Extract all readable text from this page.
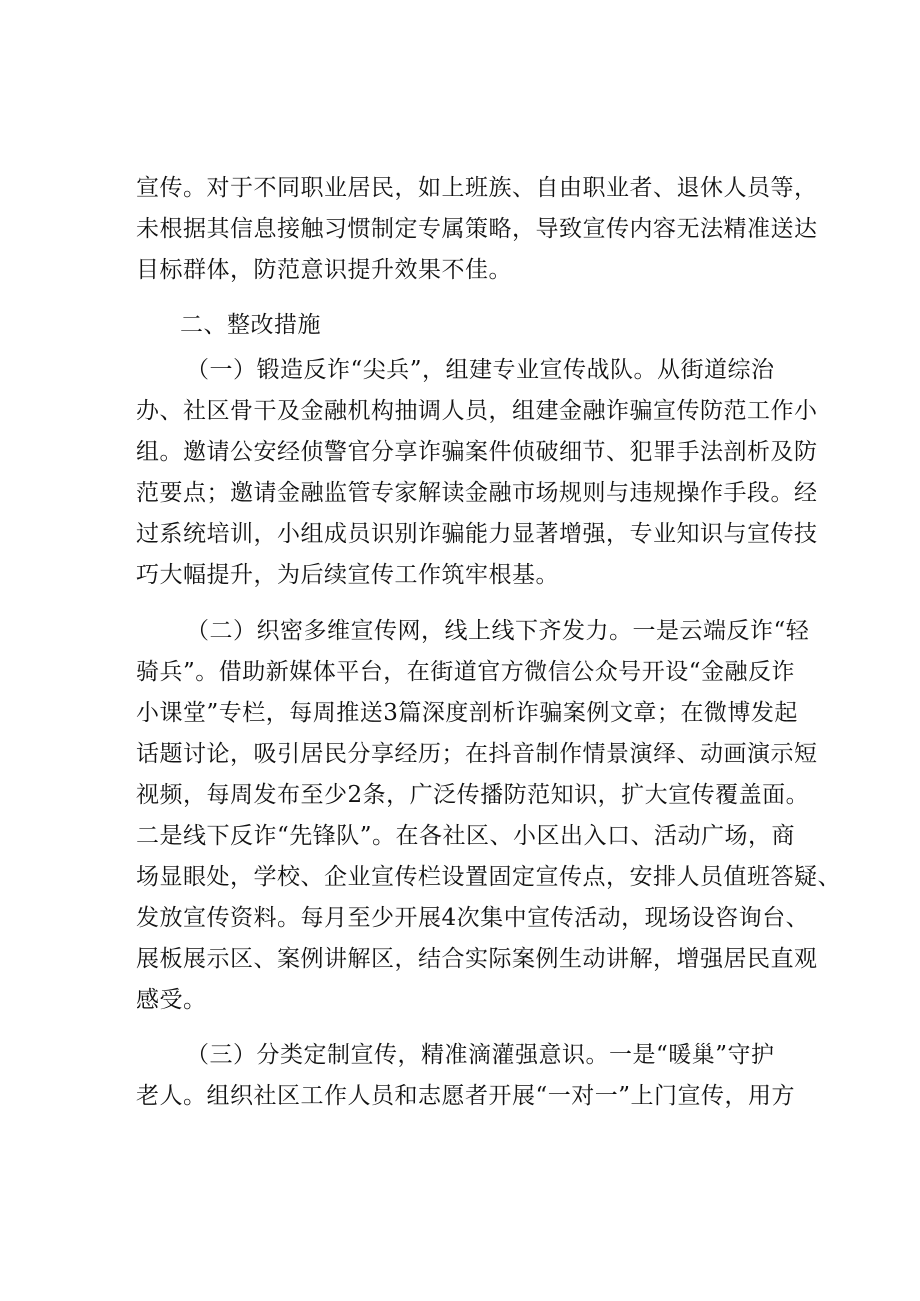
宣传。对于不同职业居民，如上班族、自由职业者、退休人员等，
未根据其信息接触习惯制定专属策略，导致宣传内容无法精准送达
目标群体，防范意识提升效果不佳。
二、整改措施
（一）锻造反诈“尖兵”，组建专业宣传战队。从街道综治
办、社区骨干及金融机构抽调人员，组建金融诈骗宣传防范工作小
组。邀请公安经侦警官分享诈骗案件侦破细节、犯罪手法剖析及防
范要点；邀请金融监管专家解读金融市场规则与违规操作手段。经
过系统培训，小组成员识别诈骗能力显著增强，专业知识与宣传技
巧大幅提升，为后续宣传工作筑牢根基。
（二）织密多维宣传网，线上线下齐发力。一是云端反诈“轻
骑兵”。借助新媒体平台，在街道官方微信公众号开设“金融反诈
小课堂”专栏，每周推送3篇深度剖析诈骗案例文章；在微博发起
话题讨论，吸引居民分享经历；在抖音制作情景演绎、动画演示短
视频，每周发布至少2条，广泛传播防范知识，扩大宣传覆盖面。
二是线下反诈“先锋队”。在各社区、小区出入口、活动广场，商
场显眼处，学校、企业宣传栏设置固定宣传点，安排人员值班答疑、
发放宣传资料。每月至少开展4次集中宣传活动，现场设咨询台、
展板展示区、案例讲解区，结合实际案例生动讲解，增强居民直观
感受。
（三）分类定制宣传，精准滴灌强意识。一是“暖巢”守护
老人。组织社区工作人员和志愿者开展“一对一”上门宣传，用方
